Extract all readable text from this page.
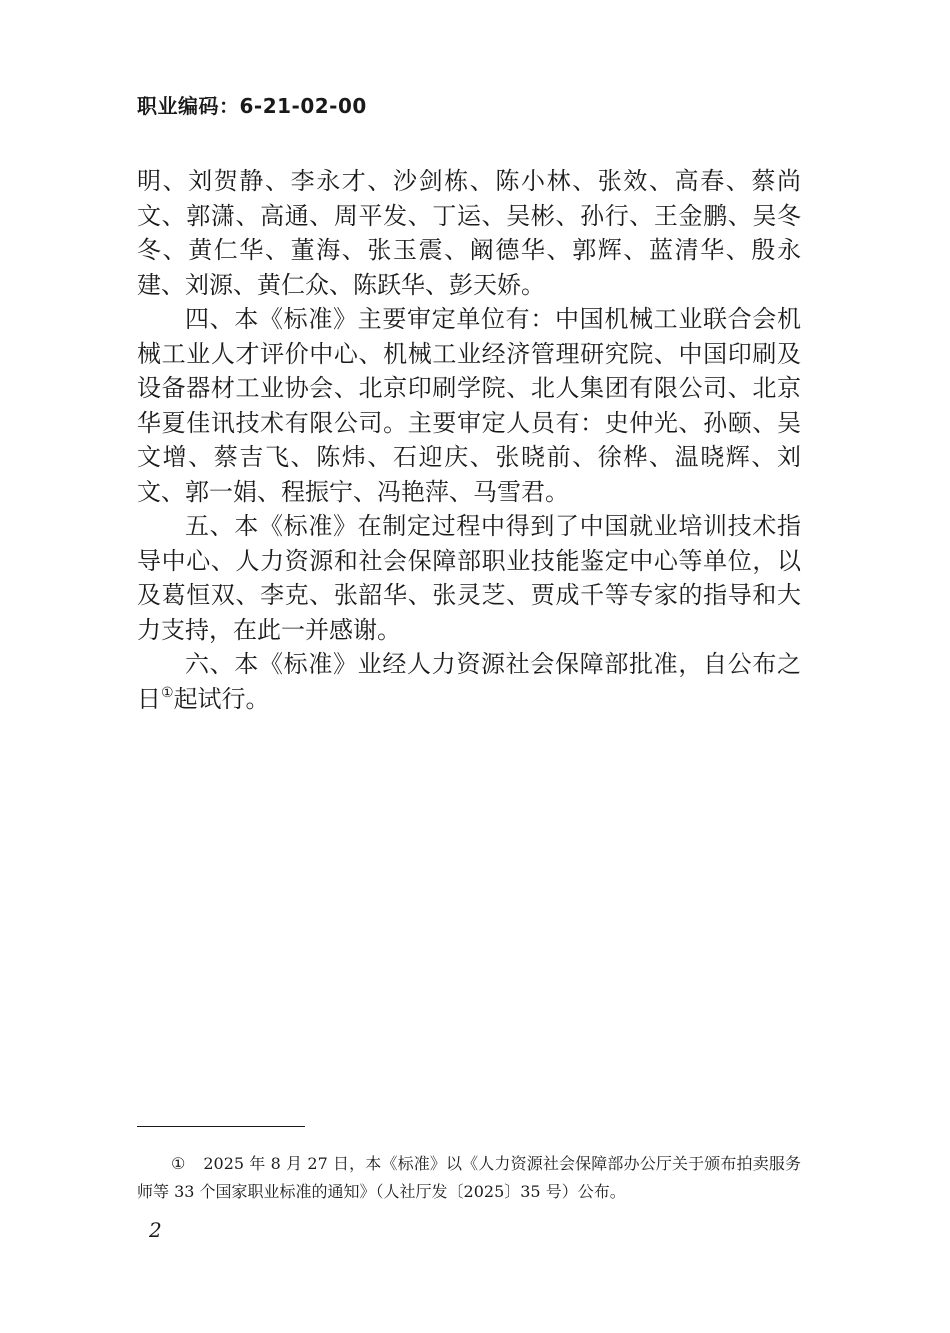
职业编码：6-21-02-00

明、刘贺静、李永才、沙剑栋、陈小林、张效、高春、蔡尚文、郭潇、高通、周平发、丁运、吴彬、孙行、王金鹏、吴冬冬、黄仁华、董海、张玉震、阚德华、郭辉、蓝清华、殷永建、刘源、黄仁众、陈跃华、彭天娇。

四、本《标准》主要审定单位有：中国机械工业联合会机械工业人才评价中心、机械工业经济管理研究院、中国印刷及设备器材工业协会、北京印刷学院、北人集团有限公司、北京华夏佳讯技术有限公司。主要审定人员有：史仲光、孙颐、吴文增、蔡吉飞、陈炜、石迎庆、张晓前、徐桦、温晓辉、刘文、郭一娟、程振宁、冯艳萍、马雪君。

五、本《标准》在制定过程中得到了中国就业培训技术指导中心、人力资源和社会保障部职业技能鉴定中心等单位，以及葛恒双、李克、张韶华、张灵芝、贾成千等专家的指导和大力支持，在此一并感谢。

六、本《标准》业经人力资源社会保障部批准，自公布之日①起试行。

① 2025 年 8 月 27 日，本《标准》以《人力资源社会保障部办公厅关于颁布拍卖服务师等 33 个国家职业标准的通知》（人社厅发〔2025〕35 号）公布。
2
